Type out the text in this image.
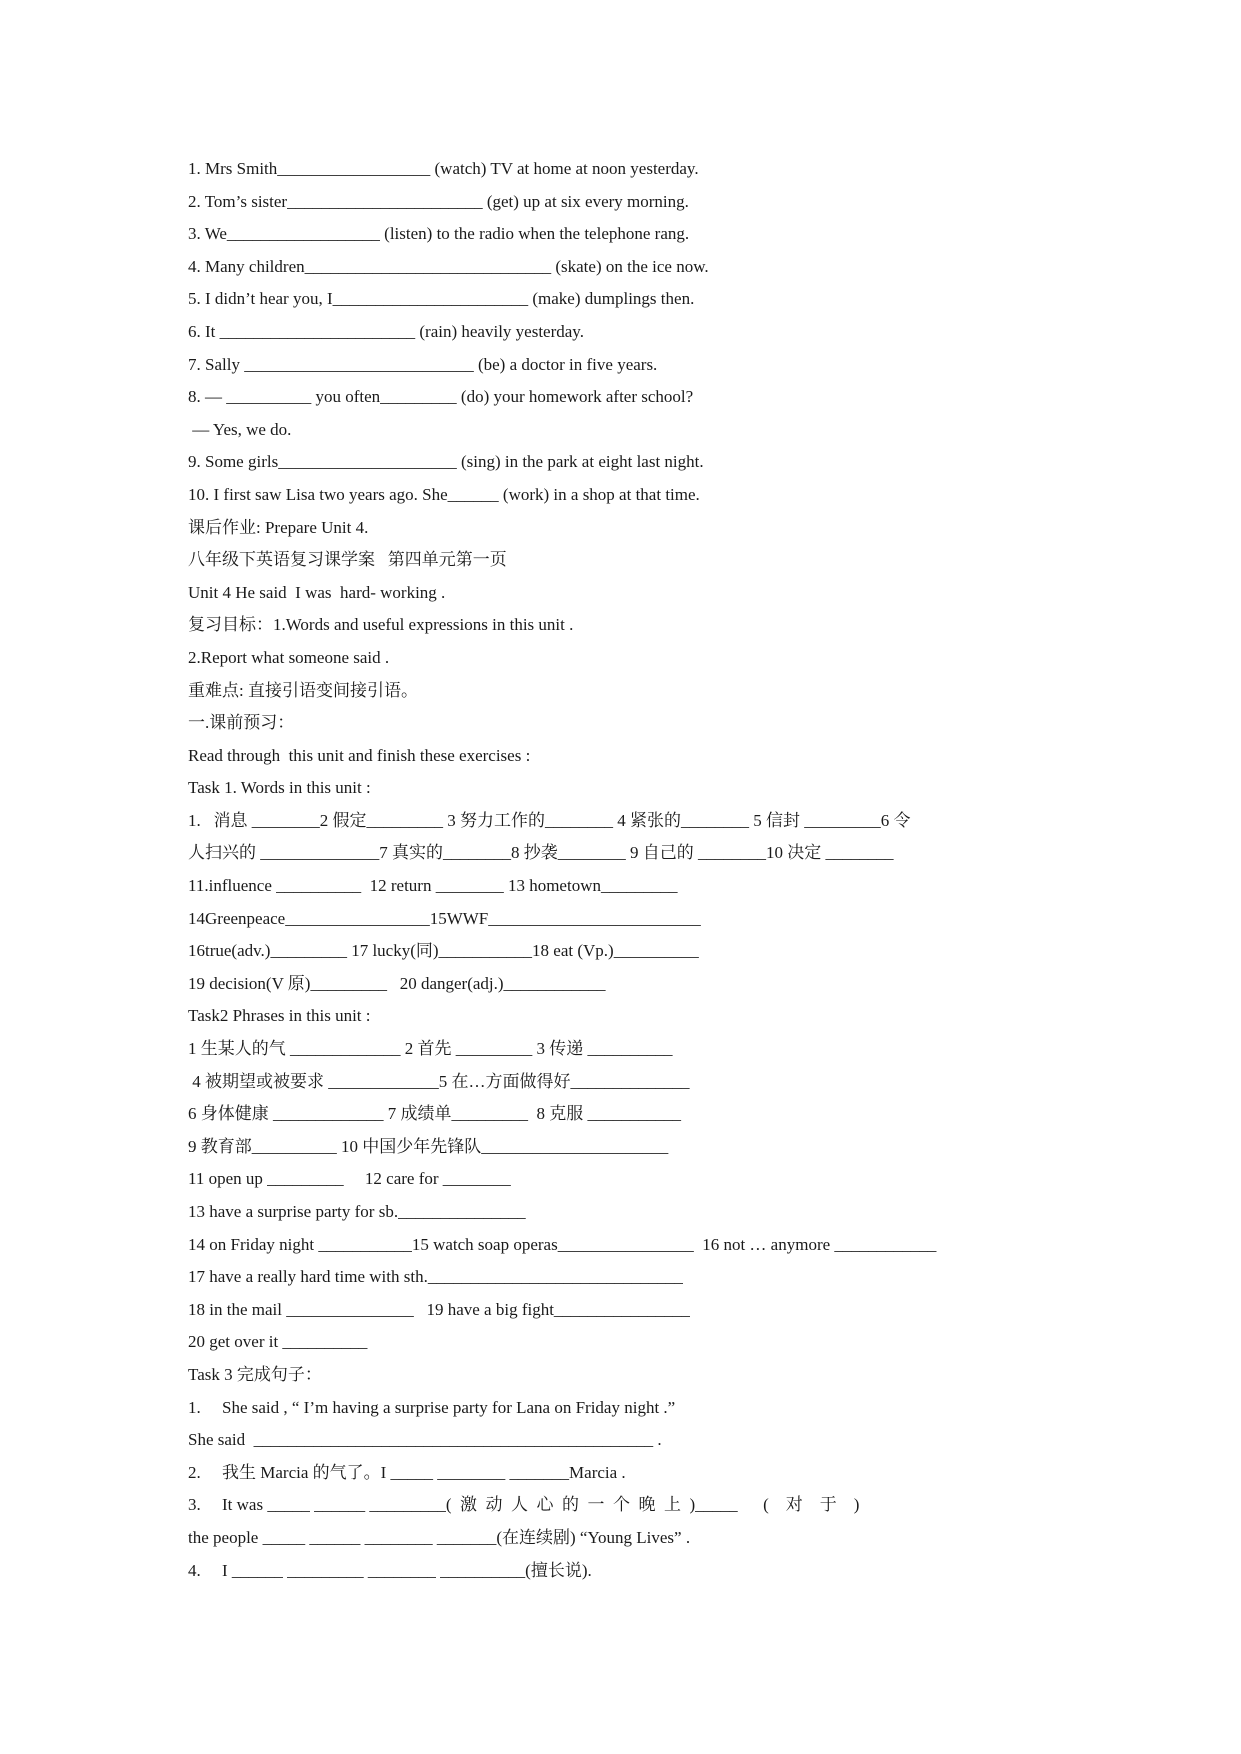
1. Mrs Smith__________________ (watch) TV at home at noon yesterday.
2. Tom’s sister_______________________ (get) up at six every morning.
3. We__________________ (listen) to the radio when the telephone rang.
4. Many children_____________________________ (skate) on the ice now.
5. I didn’t hear you, I_______________________ (make) dumplings then.
6. It _______________________ (rain) heavily yesterday.
7. Sally ___________________________ (be) a doctor in five years.
8. — __________ you often_________ (do) your homework after school?
— Yes, we do.
9. Some girls_____________________ (sing) in the park at eight last night.
10. I first saw Lisa two years ago. She______ (work) in a shop at that time.
课后作业: Prepare Unit 4.
八年级下英语复习课学案   第四单元第一页
Unit 4 He said  I was  hard- working .
复习目标：1.Words and useful expressions in this unit .
2.Report what someone said .
重难点: 直接引语变间接引语。
一.课前预习：
Read through  this unit and finish these exercises :
Task 1. Words in this unit :
1.   消息 ________2 假定_________ 3 努力工作的________ 4 紧张的________ 5 信封 _________6 令
人扫兴的 ______________7 真实的________8 抄袭________ 9 自己的 ________10 决定 ________
11.influence __________  12 return ________ 13 hometown_________
14Greenpeace_________________15WWF_________________________
16true(adv.)_________ 17 lucky(同)___________18 eat (Vp.)__________
19 decision(V 原)_________   20 danger(adj.)____________
Task2 Phrases in this unit :
1 生某人的气 _____________ 2 首先 _________ 3 传递 __________
4 被期望或被要求 _____________5 在…方面做得好______________
6 身体健康 _____________ 7 成绩单_________  8 克服 ___________
9 教育部__________ 10 中国少年先锋队______________________
11 open up _________     12 care for ________
13 have a surprise party for sb._______________
14 on Friday night ___________15 watch soap operas________________  16 not … anymore ____________
17 have a really hard time with sth.______________________________
18 in the mail _______________   19 have a big fight________________
20 get over it __________
Task 3 完成句子：
1.     She said , “ I’m having a surprise party for Lana on Friday night .”
She said  _______________________________________________ .
2.     我生 Marcia 的气了。I _____ ________ _______Marcia .
3.     It was _____ ______ _________(  激  动  人  心  的  一  个  晚  上  )_____      (    对    于    )
the people _____ ______ ________ _______(在连续剧) “Young Lives” .
4.     I ______ _________ ________ __________(擅长说).
